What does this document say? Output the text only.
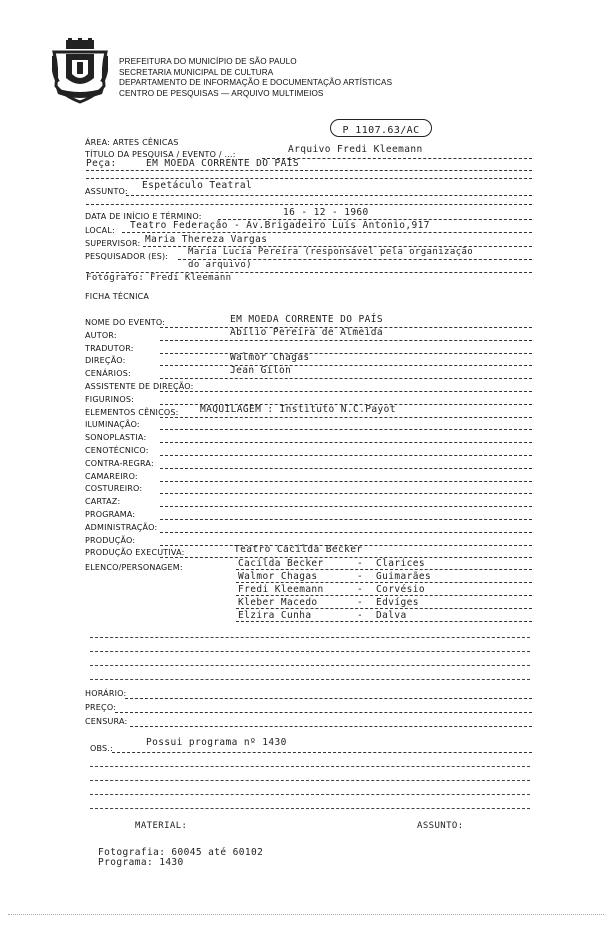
PREFEITURA DO MUNICÍPIO DE SÃO PAULO
SECRETARIA MUNICIPAL DE CULTURA
DEPARTAMENTO DE INFORMAÇÃO E DOCUMENTAÇÃO ARTÍSTICAS
CENTRO DE PESQUISAS — ARQUIVO MULTIMEIOS
P 1107.63/AC
ÁREA: ARTES CÊNICAS
TÍTULO DA PESQUISA / EVENTO / ...:	Arquivo Fredi Kleemann
Peça:	EM MOEDA CORRENTE DO PAÍS
ASSUNTO:
Espetáculo Teatral
DATA DE INÍCIO E TÉRMINO:	16 - 12 - 1960
LOCAL: Teatro Federação - Av.Brigadeiro Luís Antonio,917
SUPERVISOR: Maria Thereza Vargas
PESQUISADOR (ES): Maria Lucia Pereira (responsável pela organização
do arquivo)
Fotógrafo: Fredi Kleemann
FICHA TÉCNICA
NOME DO EVENTO:	EM MOEDA CORRENTE DO PAÍS
AUTOR:	Abílio Pereira de Almeida
TRADUTOR:
DIREÇÃO:	Walmor Chagas
CENÁRIOS:	Jean Gilon
ASSISTENTE DE DIREÇÃO:
FIGURINOS:
ELEMENTOS CÊNICOS: MAQUILAGEM : Instituto N.C.Payot
ILUMINAÇÃO:
SONOPLASTIA:
CENOTÉCNICO:
CONTRA-REGRA:
CAMAREIRO:
COSTUREIRO:
CARTAZ:
PROGRAMA:
ADMINISTRAÇÃO:
PRODUÇÃO:
PRODUÇÃO EXECUTIVA:	Teatro Cacilda Becker
ELENCO/PERSONAGEM:	Cacilda Becker	- Clarices
Walmor Chagas	- Guimarães
Fredi Kleemann	- Corvésio
Kleber Macedo	- Edvíges
Elzira Cunha	- Dalva
HORÁRIO:
PREÇO:
CENSURA:
OBS.:
Possui programa nº 1430
MATERIAL:	ASSUNTO:
Fotografia: 60045 até 60102
Programa: 1430
